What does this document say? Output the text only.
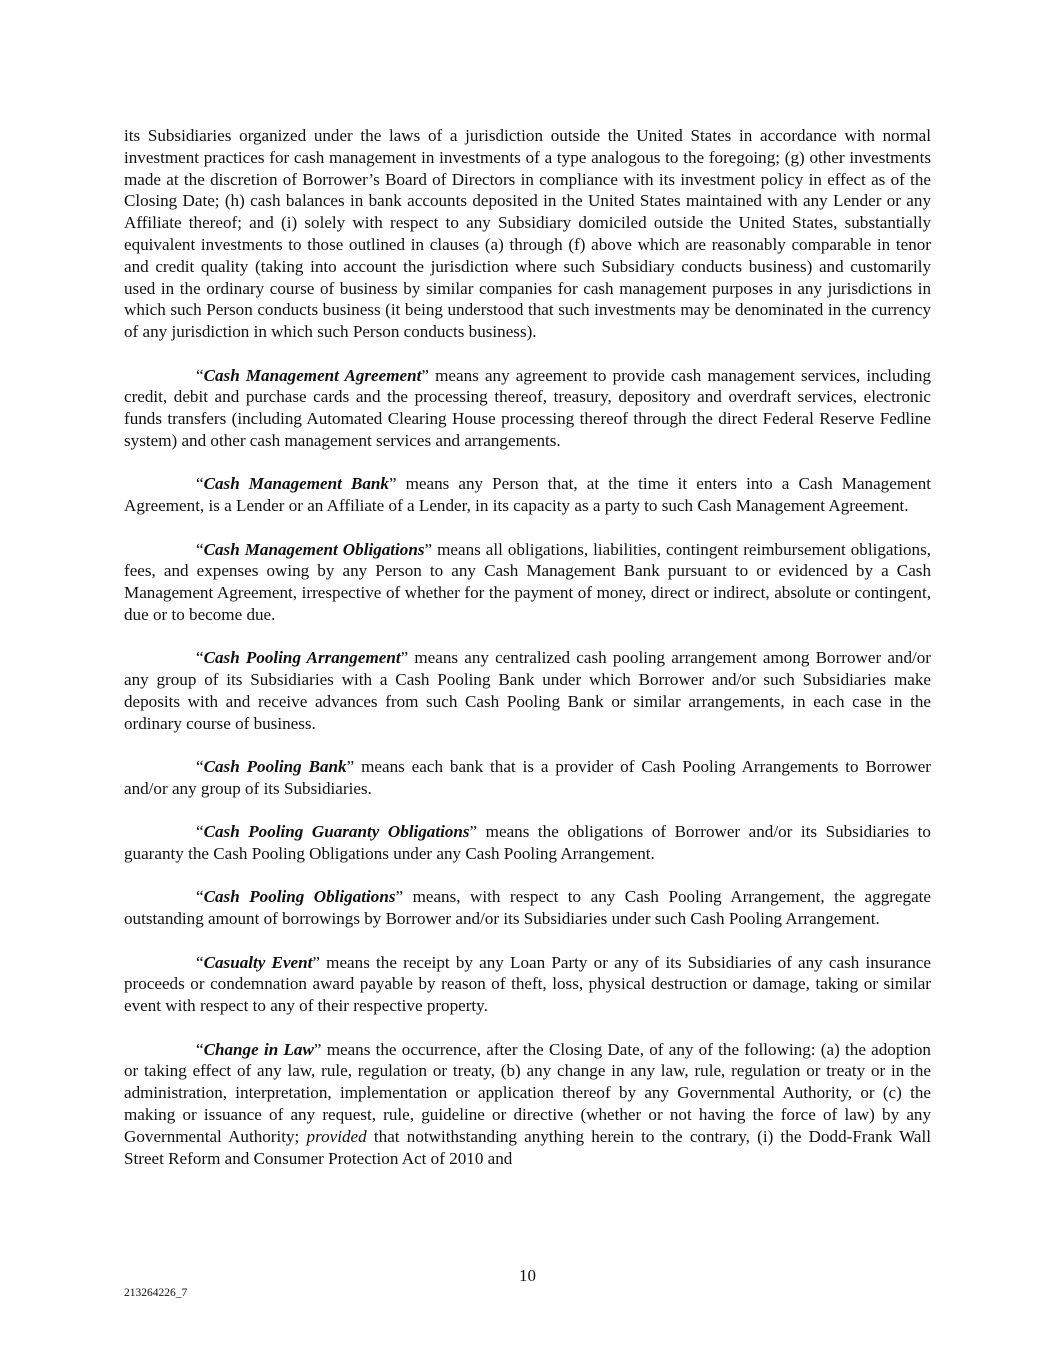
its Subsidiaries organized under the laws of a jurisdiction outside the United States in accordance with normal investment practices for cash management in investments of a type analogous to the foregoing; (g) other investments made at the discretion of Borrower’s Board of Directors in compliance with its investment policy in effect as of the Closing Date; (h) cash balances in bank accounts deposited in the United States maintained with any Lender or any Affiliate thereof; and (i) solely with respect to any Subsidiary domiciled outside the United States, substantially equivalent investments to those outlined in clauses (a) through (f) above which are reasonably comparable in tenor and credit quality (taking into account the jurisdiction where such Subsidiary conducts business) and customarily used in the ordinary course of business by similar companies for cash management purposes in any jurisdictions in which such Person conducts business (it being understood that such investments may be denominated in the currency of any jurisdiction in which such Person conducts business).

“Cash Management Agreement” means any agreement to provide cash management services, including credit, debit and purchase cards and the processing thereof, treasury, depository and overdraft services, electronic funds transfers (including Automated Clearing House processing thereof through the direct Federal Reserve Fedline system) and other cash management services and arrangements.

“Cash Management Bank” means any Person that, at the time it enters into a Cash Management Agreement, is a Lender or an Affiliate of a Lender, in its capacity as a party to such Cash Management Agreement.

“Cash Management Obligations” means all obligations, liabilities, contingent reimbursement obligations, fees, and expenses owing by any Person to any Cash Management Bank pursuant to or evidenced by a Cash Management Agreement, irrespective of whether for the payment of money, direct or indirect, absolute or contingent, due or to become due.

“Cash Pooling Arrangement” means any centralized cash pooling arrangement among Borrower and/or any group of its Subsidiaries with a Cash Pooling Bank under which Borrower and/or such Subsidiaries make deposits with and receive advances from such Cash Pooling Bank or similar arrangements, in each case in the ordinary course of business.

“Cash Pooling Bank” means each bank that is a provider of Cash Pooling Arrangements to Borrower and/or any group of its Subsidiaries.

“Cash Pooling Guaranty Obligations” means the obligations of Borrower and/or its Subsidiaries to guaranty the Cash Pooling Obligations under any Cash Pooling Arrangement.

“Cash Pooling Obligations” means, with respect to any Cash Pooling Arrangement, the aggregate outstanding amount of borrowings by Borrower and/or its Subsidiaries under such Cash Pooling Arrangement.

“Casualty Event” means the receipt by any Loan Party or any of its Subsidiaries of any cash insurance proceeds or condemnation award payable by reason of theft, loss, physical destruction or damage, taking or similar event with respect to any of their respective property.

“Change in Law” means the occurrence, after the Closing Date, of any of the following: (a) the adoption or taking effect of any law, rule, regulation or treaty, (b) any change in any law, rule, regulation or treaty or in the administration, interpretation, implementation or application thereof by any Governmental Authority, or (c) the making or issuance of any request, rule, guideline or directive (whether or not having the force of law) by any Governmental Authority; provided that notwithstanding anything herein to the contrary, (i) the Dodd-Frank Wall Street Reform and Consumer Protection Act of 2010 and

10
213264226_7
